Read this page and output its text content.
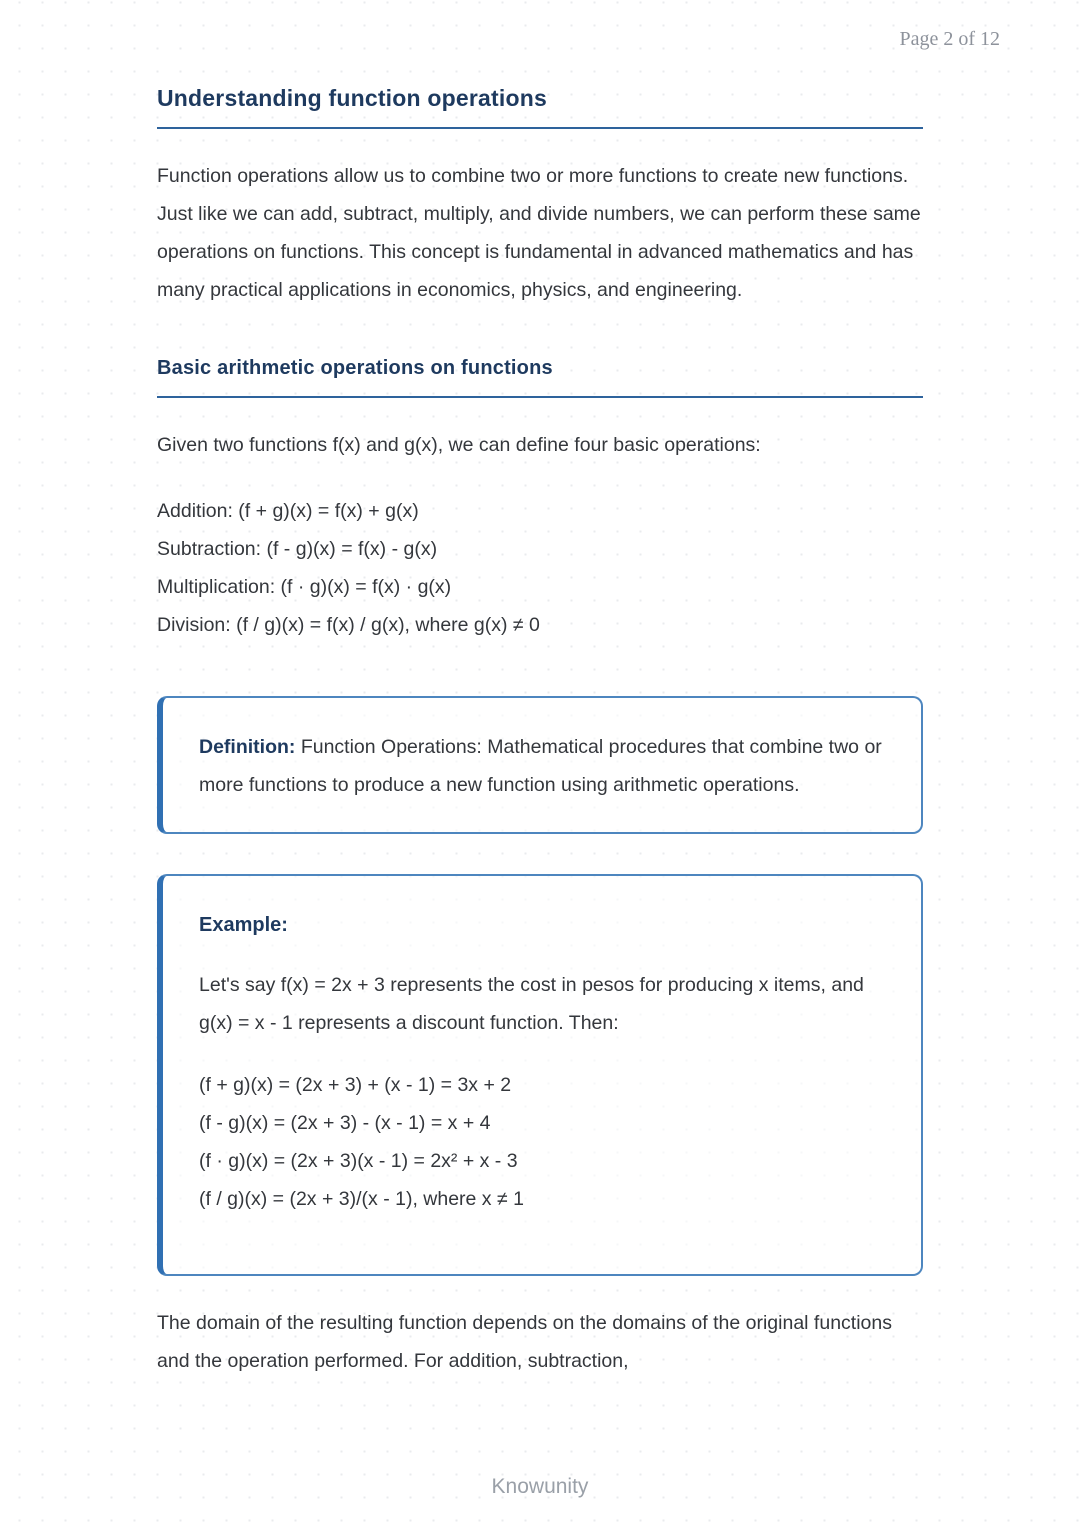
Page 2 of 12
Understanding function operations

Function operations allow us to combine two or more functions to create new functions. Just like we can add, subtract, multiply, and divide numbers, we can perform these same operations on functions. This concept is fundamental in advanced mathematics and has many practical applications in economics, physics, and engineering.

Basic arithmetic operations on functions

Given two functions f(x) and g(x), we can define four basic operations:

Addition: (f + g)(x) = f(x) + g(x)
Subtraction: (f - g)(x) = f(x) - g(x)
Multiplication: (f · g)(x) = f(x) · g(x)
Division: (f / g)(x) = f(x) / g(x), where g(x) ≠ 0
Definition: Function Operations: Mathematical procedures that combine two or more functions to produce a new function using arithmetic operations.

Example:

Let's say f(x) = 2x + 3 represents the cost in pesos for producing x items, and g(x) = x - 1 represents a discount function. Then:

(f + g)(x) = (2x + 3) + (x - 1) = 3x + 2
(f - g)(x) = (2x + 3) - (x - 1) = x + 4
(f · g)(x) = (2x + 3)(x - 1) = 2x² + x - 3
(f / g)(x) = (2x + 3)/(x - 1), where x ≠ 1

The domain of the resulting function depends on the domains of the original functions and the operation performed. For addition, subtraction,

Knowunity
